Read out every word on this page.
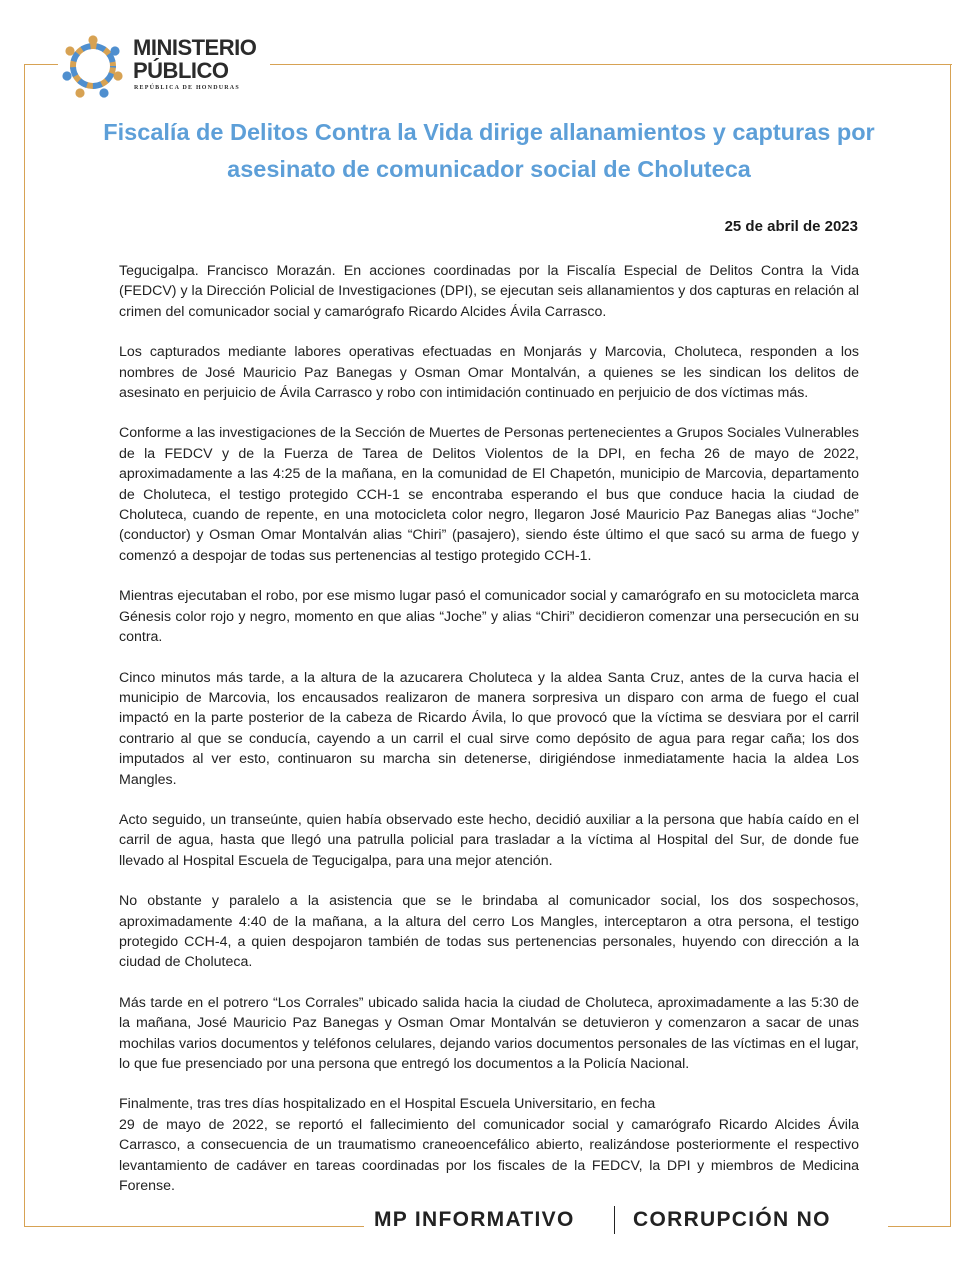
MINISTERIO
PÚBLICO
REPÚBLICA DE HONDURAS
Fiscalía de Delitos Contra la Vida dirige allanamientos y capturas por asesinato de comunicador social de Choluteca
25 de abril de 2023

Tegucigalpa. Francisco Morazán. En acciones coordinadas por la Fiscalía Especial de Delitos Contra la Vida (FEDCV) y la Dirección Policial de Investigaciones (DPI), se ejecutan seis allanamientos y dos capturas en relación al crimen del comunicador social y camarógrafo Ricardo Alcides Ávila Carrasco.

Los capturados mediante labores operativas efectuadas en Monjarás y Marcovia, Choluteca, responden a los nombres de José Mauricio Paz Banegas y Osman Omar Montalván, a quienes se les sindican los delitos de asesinato en perjuicio de Ávila Carrasco y robo con intimidación continuado en perjuicio de dos víctimas más.

Conforme a las investigaciones de la Sección de Muertes de Personas pertenecientes a Grupos Sociales Vulnerables de la FEDCV y de la Fuerza de Tarea de Delitos Violentos de la DPI, en fecha 26 de mayo de 2022, aproximadamente a las 4:25 de la mañana, en la comunidad de El Chapetón, municipio de Marcovia, departamento de Choluteca, el testigo protegido CCH-1 se encontraba esperando el bus que conduce hacia la ciudad de Choluteca, cuando de repente, en una motocicleta color negro, llegaron José Mauricio Paz Banegas alias “Joche” (conductor) y Osman Omar Montalván alias “Chiri” (pasajero), siendo éste último el que sacó su arma de fuego y comenzó a despojar de todas sus pertenencias al testigo protegido CCH-1.

Mientras ejecutaban el robo, por ese mismo lugar pasó el comunicador social y camarógrafo en su motocicleta marca Génesis color rojo y negro, momento en que alias “Joche” y alias “Chiri” decidieron comenzar una persecución en su contra.

Cinco minutos más tarde, a la altura de la azucarera Choluteca y la aldea Santa Cruz, antes de la curva hacia el municipio de Marcovia, los encausados realizaron de manera sorpresiva un disparo con arma de fuego el cual impactó en la parte posterior de la cabeza de Ricardo Ávila, lo que provocó que la víctima se desviara por el carril contrario al que se conducía, cayendo a un carril el cual sirve como depósito de agua para regar caña; los dos imputados al ver esto, continuaron su marcha sin detenerse, dirigiéndose inmediatamente hacia la aldea Los Mangles.

Acto seguido, un transeúnte, quien había observado este hecho, decidió auxiliar a la persona que había caído en el carril de agua, hasta que llegó una patrulla policial para trasladar a la víctima al Hospital del Sur, de donde fue llevado al Hospital Escuela de Tegucigalpa, para una mejor atención.

No obstante y paralelo a la asistencia que se le brindaba al comunicador social, los dos sospechosos, aproximadamente 4:40 de la mañana, a la altura del cerro Los Mangles, interceptaron a otra persona, el testigo protegido CCH-4, a quien despojaron también de todas sus pertenencias personales, huyendo con dirección a la ciudad de Choluteca.

Más tarde en el potrero “Los Corrales” ubicado salida hacia la ciudad de Choluteca, aproximadamente a las 5:30 de la mañana, José Mauricio Paz Banegas y Osman Omar Montalván se detuvieron y comenzaron a sacar de unas mochilas varios documentos y teléfonos celulares, dejando varios documentos personales de las víctimas en el lugar, lo que fue presenciado por una persona que entregó los documentos a la Policía Nacional.

Finalmente, tras tres días hospitalizado en el Hospital Escuela Universitario, en fecha
29 de mayo de 2022, se reportó el fallecimiento del comunicador social y camarógrafo Ricardo Alcides Ávila Carrasco, a consecuencia de un traumatismo craneoencefálico abierto, realizándose posteriormente el respectivo levantamiento de cadáver en tareas coordinadas por los fiscales de la FEDCV, la DPI y miembros de Medicina Forense.

MP INFORMATIVO	CORRUPCIÓN NO
